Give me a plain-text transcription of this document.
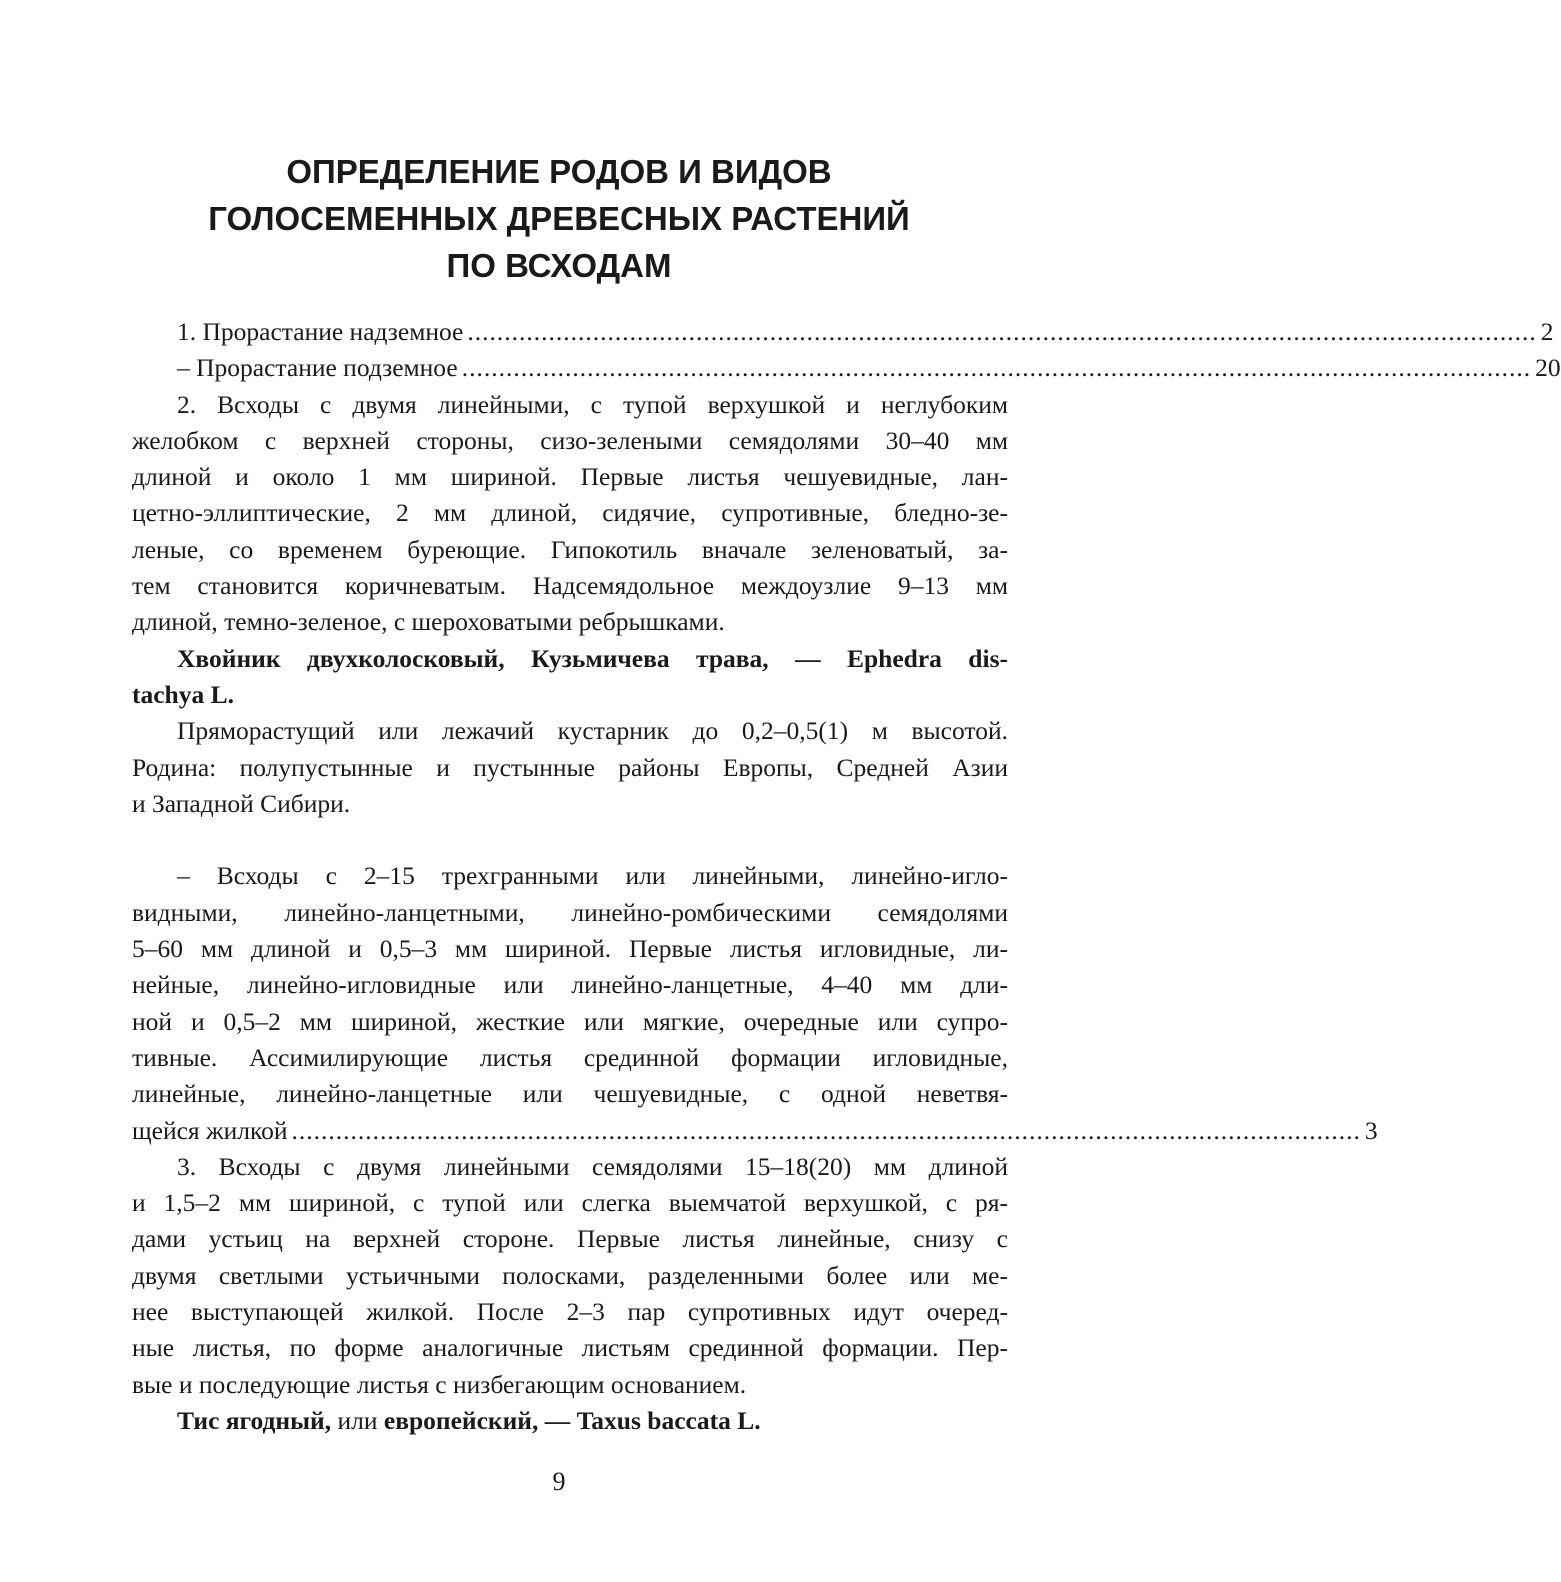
ОПРЕДЕЛЕНИЕ РОДОВ И ВИДОВ
ГОЛОСЕМЕННЫХ ДРЕВЕСНЫХ РАСТЕНИЙ
ПО ВСХОДАМ
1. Прорастание надземное ................................................................................................................................................. 2
– Прорастание подземное ................................................................................................................................................. 20
2. Всходы с двумя линейными, с тупой верхушкой и неглубоким
желобком с верхней стороны, сизо-зелеными семядолями 30–40 мм
длиной и около 1 мм шириной. Первые листья чешуевидные, лан-
цетно-эллиптические, 2 мм длиной, сидячие, супротивные, бледно-зе-
леные, со временем буреющие. Гипокотиль вначале зеленоватый, за-
тем становится коричневатым. Надсемядольное междоузлие 9–13 мм
длиной, темно-зеленое, с шероховатыми ребрышками.
Хвойник двухколосковый, Кузьмичева трава, — Ephedra dis-
tachya L.
Пряморастущий или лежачий кустарник до 0,2–0,5(1) м высотой.
Родина: полупустынные и пустынные районы Европы, Средней Азии
и Западной Сибири.
– Всходы с 2–15 трехгранными или линейными, линейно-игло-
видными, линейно-ланцетными, линейно-ромбическими семядолями
5–60 мм длиной и 0,5–3 мм шириной. Первые листья игловидные, ли-
нейные, линейно-игловидные или линейно-ланцетные, 4–40 мм дли-
ной и 0,5–2 мм шириной, жесткие или мягкие, очередные или супро-
тивные. Ассимилирующие листья срединной формации игловидные,
линейные, линейно-ланцетные или чешуевидные, с одной неветвя-
щейся жилкой ................................................................................................................................................. 3
3. Всходы с двумя линейными семядолями 15–18(20) мм длиной
и 1,5–2 мм шириной, с тупой или слегка выемчатой верхушкой, с ря-
дами устьиц на верхней стороне. Первые листья линейные, снизу с
двумя светлыми устьичными полосками, разделенными более или ме-
нее выступающей жилкой. После 2–3 пар супротивных идут очеред-
ные листья, по форме аналогичные листьям срединной формации. Пер-
вые и последующие листья с низбегающим основанием.
Тис ягодный, или европейский, — Taxus baccata L.
9
